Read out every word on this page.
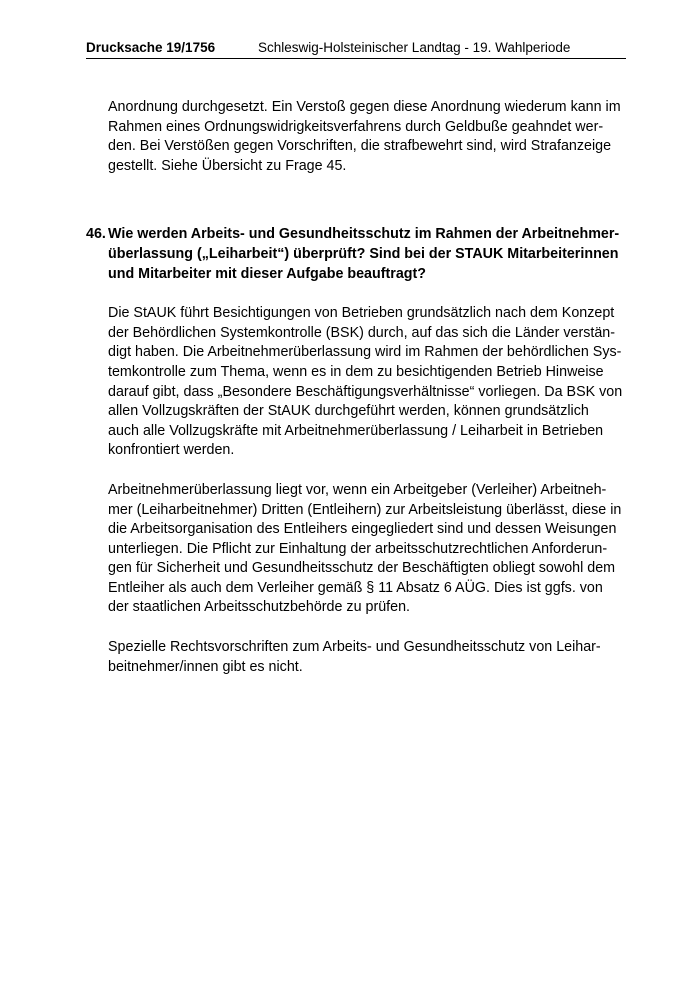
Drucksache 19/1756	Schleswig-Holsteinischer Landtag - 19. Wahlperiode
Anordnung durchgesetzt. Ein Verstoß gegen diese Anordnung wiederum kann im
Rahmen eines Ordnungswidrigkeitsverfahrens durch Geldbuße geahndet wer-
den. Bei Verstößen gegen Vorschriften, die strafbewehrt sind, wird Strafanzeige
gestellt. Siehe Übersicht zu Frage 45.
46. Wie werden Arbeits- und Gesundheitsschutz im Rahmen der Arbeitnehmer-
überlassung („Leiharbeit“) überprüft? Sind bei der STAUK Mitarbeiterinnen
und Mitarbeiter mit dieser Aufgabe beauftragt?
Die StAUK führt Besichtigungen von Betrieben grundsätzlich nach dem Konzept
der Behördlichen Systemkontrolle (BSK) durch, auf das sich die Länder verstän-
digt haben. Die Arbeitnehmerüberlassung wird im Rahmen der behördlichen Sys-
temkontrolle zum Thema, wenn es in dem zu besichtigenden Betrieb Hinweise
darauf gibt, dass „Besondere Beschäftigungsverhältnisse“ vorliegen. Da BSK von
allen Vollzugskräften der StAUK durchgeführt werden, können grundsätzlich
auch alle Vollzugskräfte mit Arbeitnehmerüberlassung / Leiharbeit in Betrieben
konfrontiert werden.
Arbeitnehmerüberlassung liegt vor, wenn ein Arbeitgeber (Verleiher) Arbeitneh-
mer (Leiharbeitnehmer) Dritten (Entleihern) zur Arbeitsleistung überlässt, diese in
die Arbeitsorganisation des Entleihers eingegliedert sind und dessen Weisungen
unterliegen. Die Pflicht zur Einhaltung der arbeitsschutzrechtlichen Anforderun-
gen für Sicherheit und Gesundheitsschutz der Beschäftigten obliegt sowohl dem
Entleiher als auch dem Verleiher gemäß § 11 Absatz 6 AÜG. Dies ist ggfs. von
der staatlichen Arbeitsschutzbehörde zu prüfen.
Spezielle Rechtsvorschriften zum Arbeits- und Gesundheitsschutz von Leihar-
beitnehmer/innen gibt es nicht.
